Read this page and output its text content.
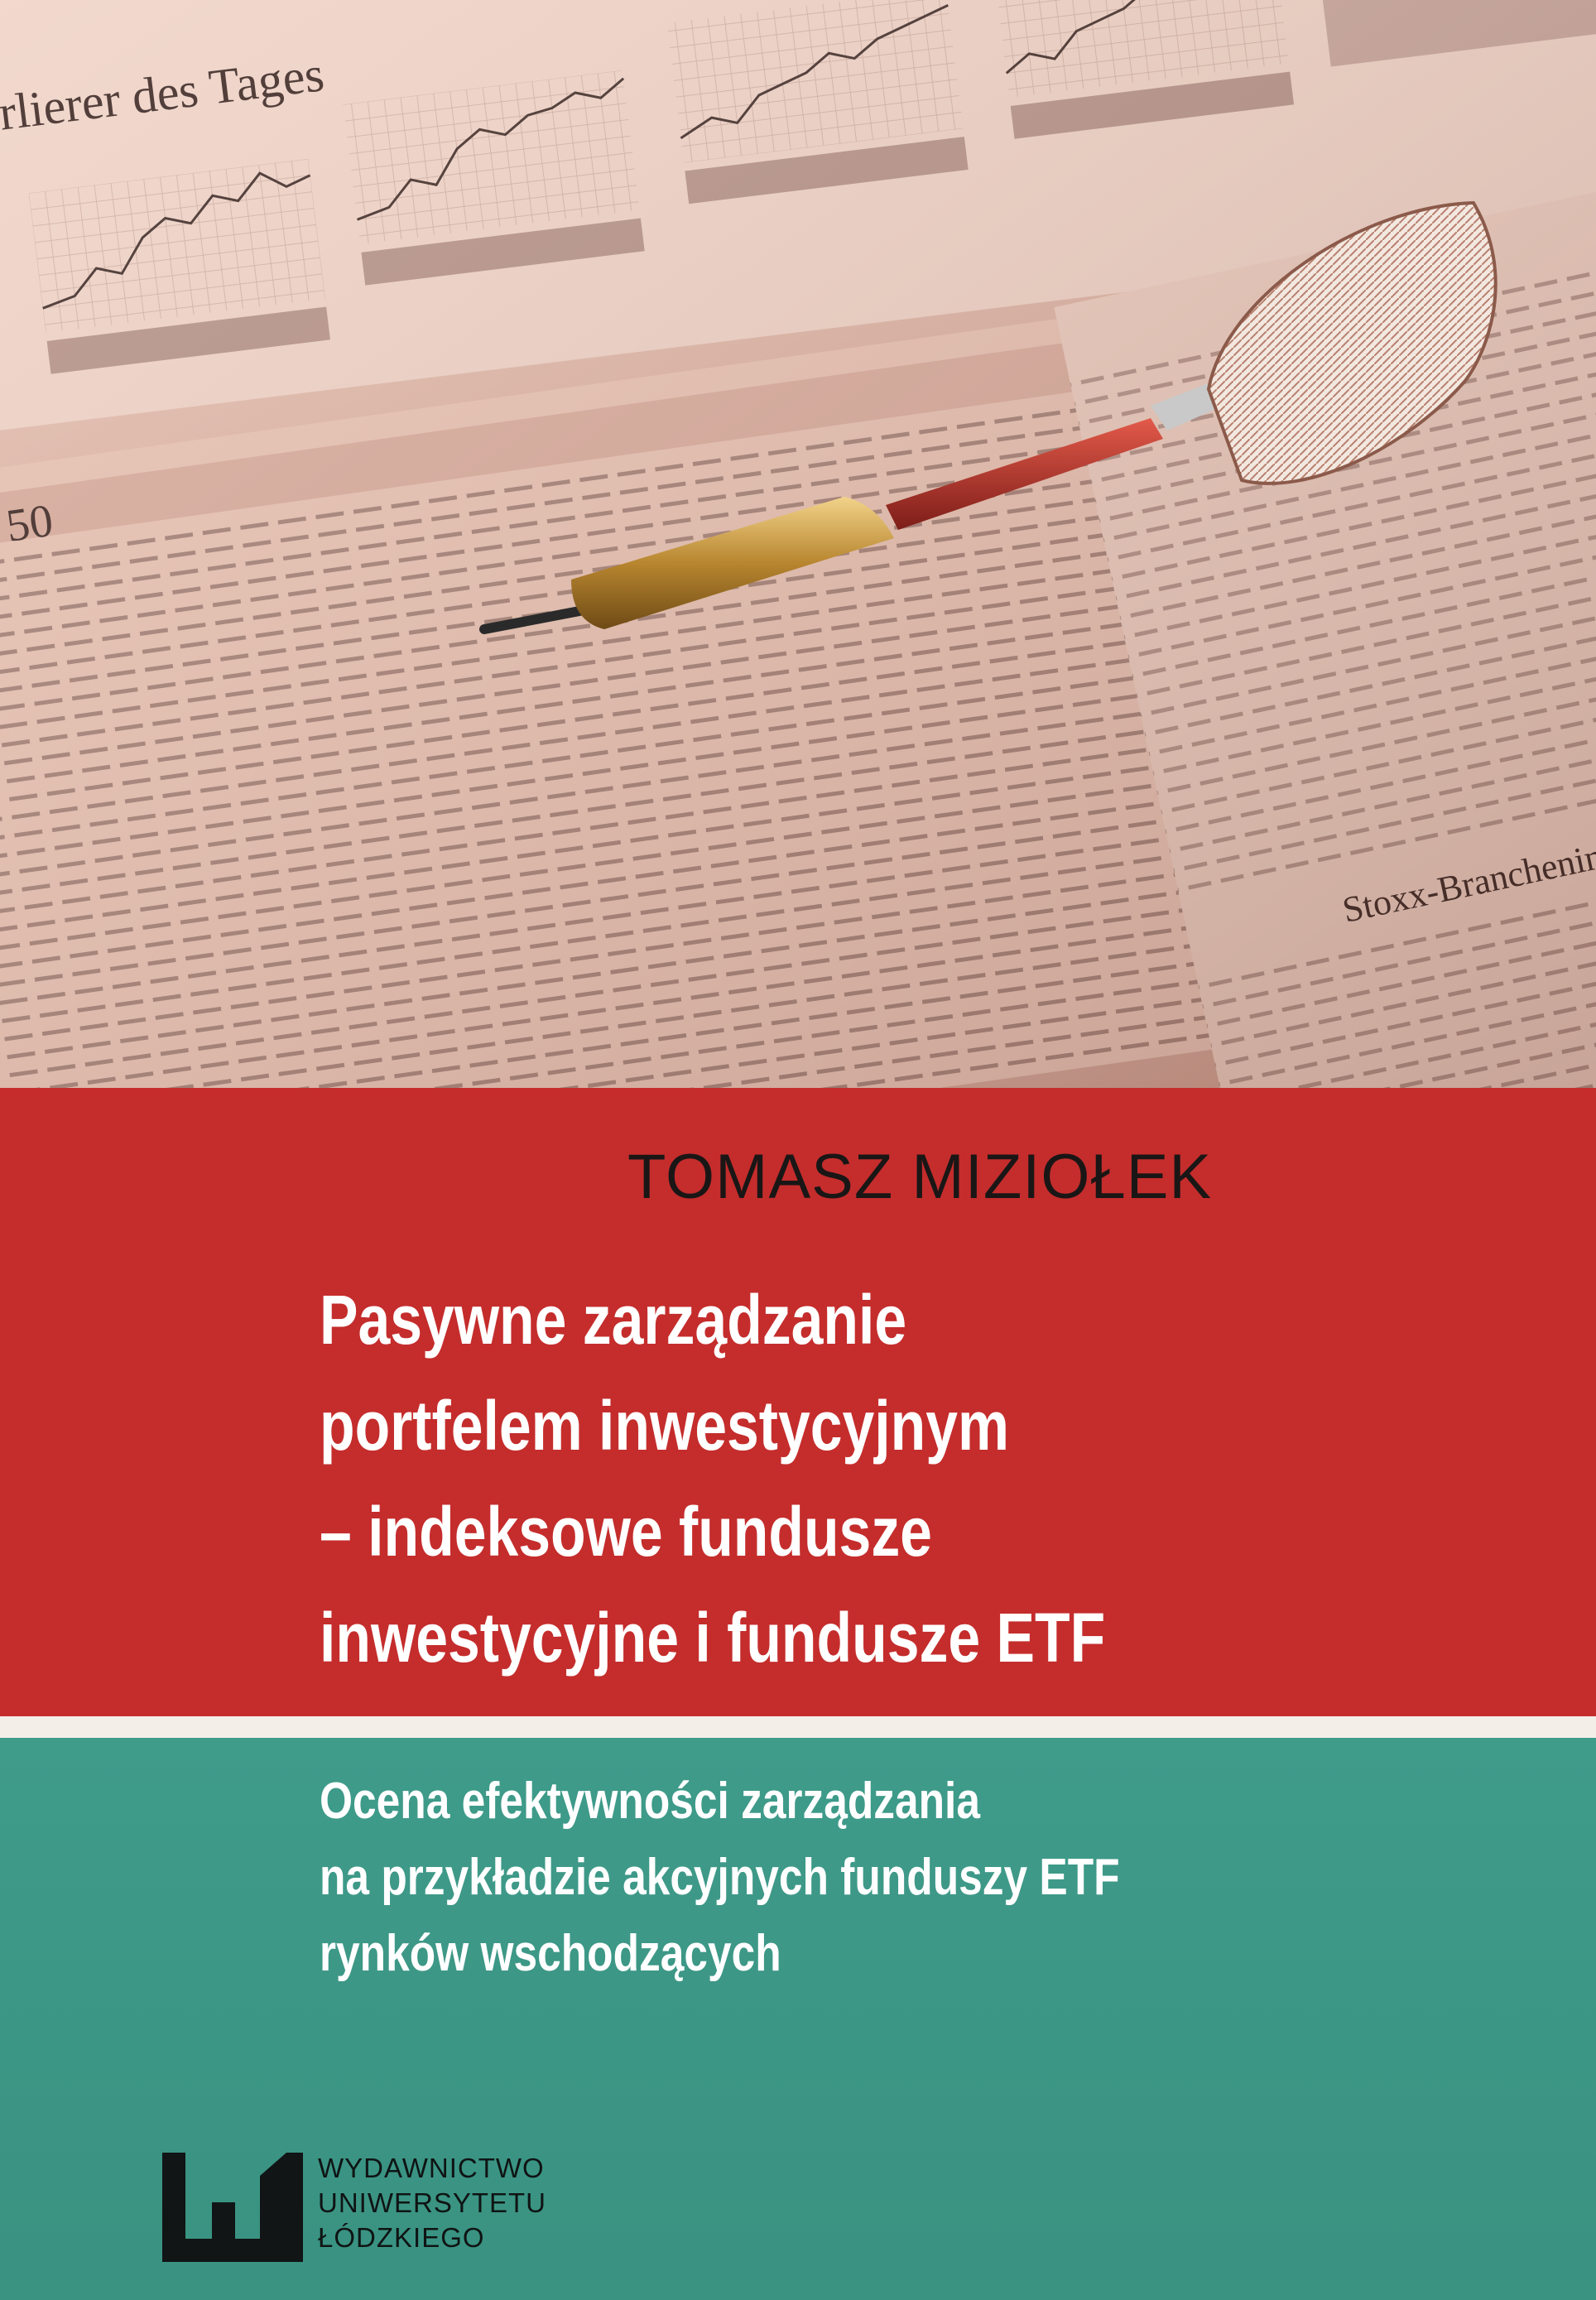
TOMASZ MIZIOŁEK
Pasywne zarządzanie
portfelem inwestycyjnym
– indeksowe fundusze
inwestycyjne i fundusze ETF
Ocena efektywności zarządzania
na przykładzie akcyjnych funduszy ETF
rynków wschodzących
WYDAWNICTWO
UNIWERSYTETU
ŁÓDZKIEGO
